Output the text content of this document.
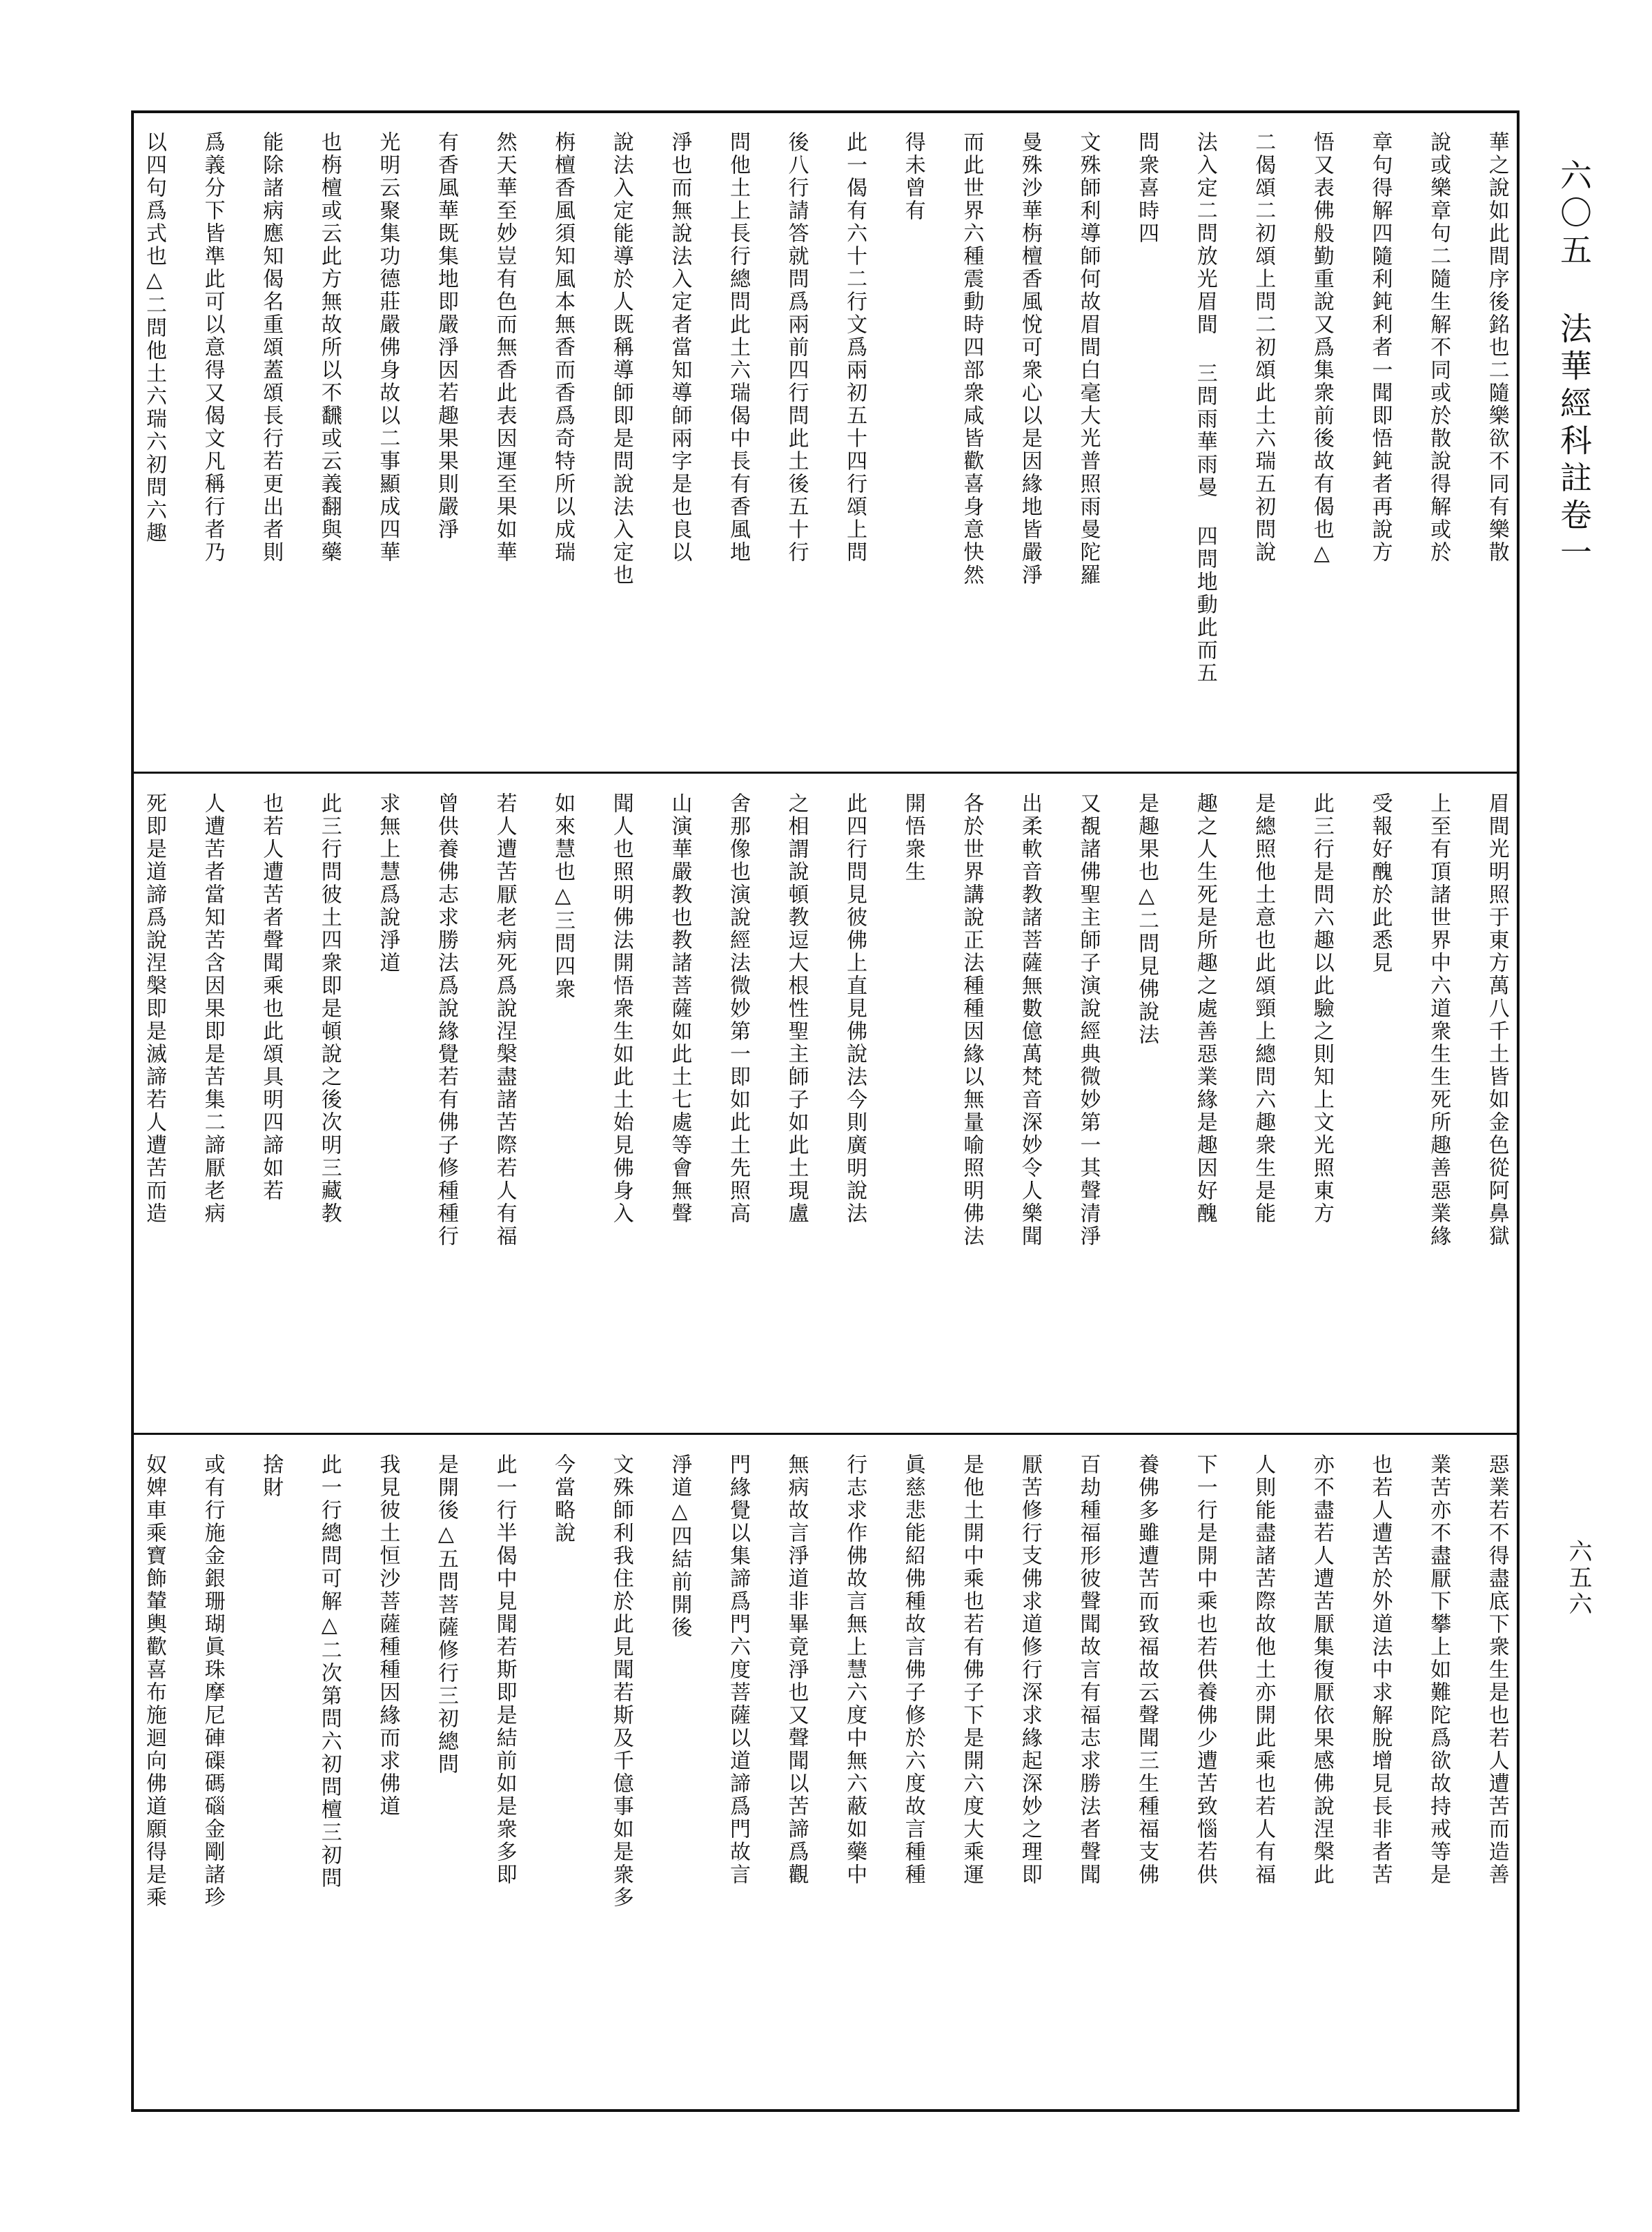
六〇五法華經科註卷一
華之說如此間序後銘也二隨樂欲不同有樂散
說或樂章句二隨生解不同或於散說得解或於
章句得解四隨利鈍利者一聞即悟鈍者再說方
悟又表佛般勤重說又爲集衆前後故有偈也△
二偈頌二初頌上問二初頌此土六瑞五初問說
法入定二問放光眉間 三問雨華雨曼 四問地動此而五
問衆喜時四
文殊師利導師何故眉間白毫大光普照雨曼陀羅
曼殊沙華栴檀香風悅可衆心以是因緣地皆嚴淨
而此世界六種震動時四部衆咸皆歡喜身意快然
得未曾有
此一偈有六十二行文爲兩初五十四行頌上問
後八行請答就問爲兩前四行問此土後五十行
問他土上長行總問此土六瑞偈中長有香風地
淨也而無說法入定者當知導師兩字是也良以
說法入定能導於人既稱導師即是問說法入定也
栴檀香風須知風本無香而香爲奇特所以成瑞
然天華至妙豈有色而無香此表因運至果如華
有香風華既集地即嚴淨因若趣果果則嚴淨
光明云聚集功德莊嚴佛身故以二事顯成四華
也栴檀或云此方無故所以不飜或云義翻與藥
能除諸病應知偈名重頌蓋頌長行若更出者則
爲義分下皆準此可以意得又偈文凡稱行者乃
以四句爲式也△二問他土六瑞六初問六趣
眉間光明照于東方萬八千土皆如金色從阿鼻獄
上至有頂諸世界中六道衆生生死所趣善惡業緣
受報好醜於此悉見
此三行是問六趣以此驗之則知上文光照東方
是總照他土意也此頌頸上總問六趣衆生是能
趣之人生死是所趣之處善惡業緣是趣因好醜
是趣果也△二問見佛說法
又覩諸佛聖主師子演說經典微妙第一其聲清淨
出柔軟音教諸菩薩無數億萬梵音深妙令人樂聞
各於世界講說正法種種因緣以無量喻照明佛法
開悟衆生
此四行問見彼佛上直見佛說法今則廣明說法
之相謂說頓教逗大根性聖主師子如此土現盧
舍那像也演說經法微妙第一即如此土先照高
山演華嚴教也教諸菩薩如此土七處等會無聲
聞人也照明佛法開悟衆生如此土始見佛身入
如來慧也△三問四衆
若人遭苦厭老病死爲說涅槃盡諸苦際若人有福
曾供養佛志求勝法爲說緣覺若有佛子修種種行
求無上慧爲說淨道
此三行問彼土四衆即是頓說之後次明三藏教
也若人遭苦者聲聞乘也此頌具明四諦如若
人遭苦者當知苦含因果即是苦集二諦厭老病
死即是道諦爲說涅槃即是滅諦若人遭苦而造
惡業若不得盡底下衆生是也若人遭苦而造善
業苦亦不盡厭下攀上如難陀爲欲故持戒等是
也若人遭苦於外道法中求解脫增見長非者苦
亦不盡若人遭苦厭集復厭依果感佛說涅槃此
人則能盡諸苦際故他土亦開此乘也若人有福
下一行是開中乘也若供養佛少遭苦致惱若供
養佛多雖遭苦而致福故云聲聞三生種福支佛
百劫種福形彼聲聞故言有福志求勝法者聲聞
厭苦修行支佛求道修行深求緣起深妙之理即
是他土開中乘也若有佛子下是開六度大乘運
眞慈悲能紹佛種故言佛子修於六度故言種種
行志求作佛故言無上慧六度中無六蔽如藥中
無病故言淨道非畢竟淨也又聲聞以苦諦爲觀
門緣覺以集諦爲門六度菩薩以道諦爲門故言
淨道△四結前開後
文殊師利我住於此見聞若斯及千億事如是衆多
今當略說
此一行半偈中見聞若斯即是結前如是衆多即
是開後△五問菩薩修行三初總問
我見彼土恒沙菩薩種種因緣而求佛道
此一行總問可解△二次第問六初問檀三初問
捨財
或有行施金銀珊瑚眞珠摩尼硨磲碼碯金剛諸珍
奴婢車乘寶飾輦輿歡喜布施迴向佛道願得是乘	六五六
